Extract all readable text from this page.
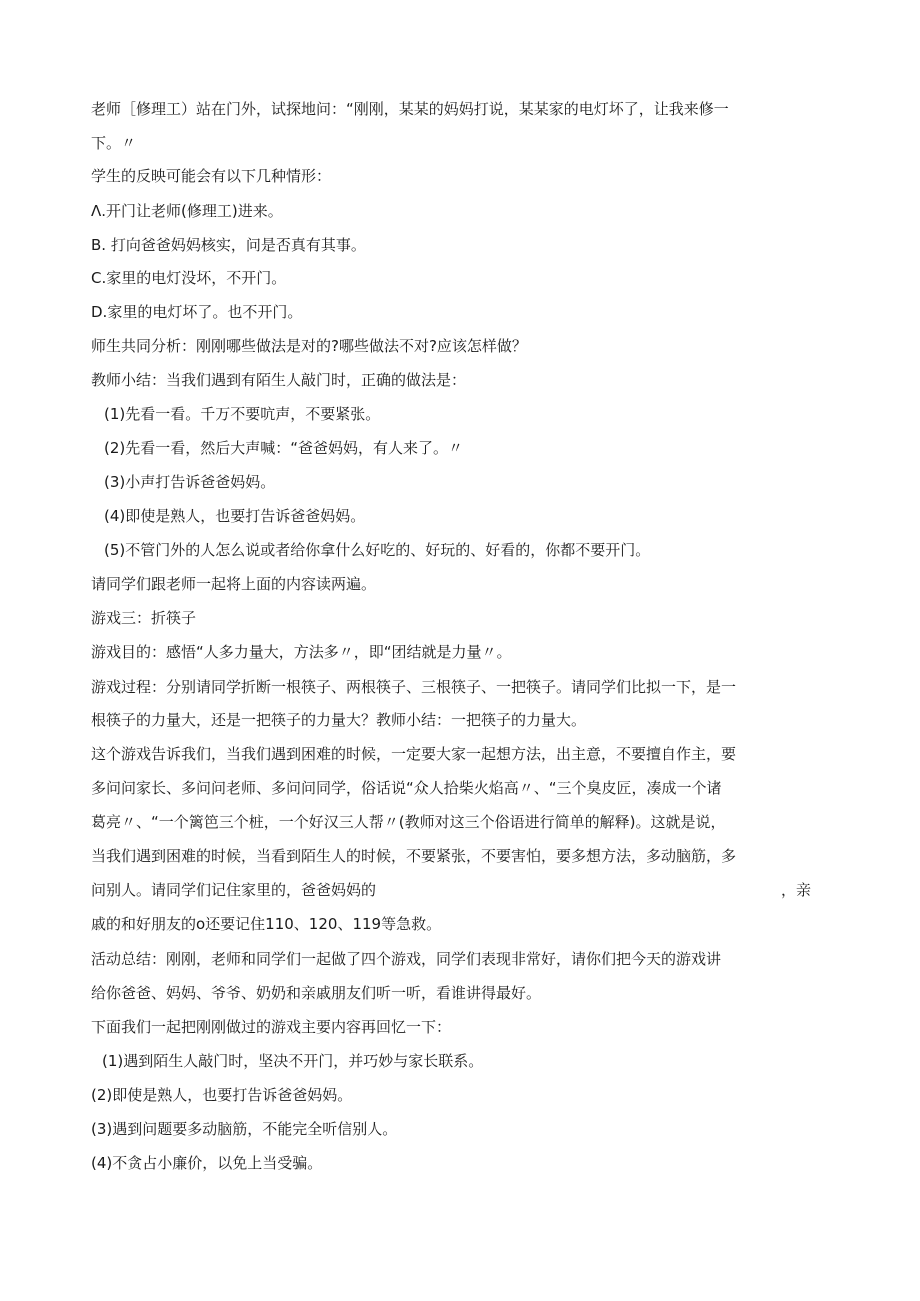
老师［修理工）站在门外，试探地问：“刚刚，某某的妈妈打说，某某家的电灯坏了，让我来修一
下。〃
学生的反映可能会有以下几种情形：
Λ.开门让老师(修理工)进来。
B. 打向爸爸妈妈核实，问是否真有其事。
C.家里的电灯没坏，不开门。
D.家里的电灯坏了。也不开门。
师生共同分析：刚刚哪些做法是对的?哪些做法不对?应该怎样做？
教师小结：当我们遇到有陌生人敲门时，正确的做法是：
(1)先看一看。千万不要吭声，不要紧张。
(2)先看一看，然后大声喊：“爸爸妈妈，有人来了。〃
(3)小声打告诉爸爸妈妈。
(4)即使是熟人，也要打告诉爸爸妈妈。
(5)不管门外的人怎么说或者给你拿什么好吃的、好玩的、好看的，你都不要开门。
请同学们跟老师一起将上面的内容读两遍。
游戏三：折筷子
游戏目的：感悟“人多力量大，方法多〃，即“团结就是力量〃。
游戏过程：分别请同学折断一根筷子、两根筷子、三根筷子、一把筷子。请同学们比拟一下，是一
根筷子的力量大，还是一把筷子的力量大？教师小结：一把筷子的力量大。
这个游戏告诉我们，当我们遇到困难的时候，一定要大家一起想方法，出主意，不要擅自作主，要
多问问家长、多问问老师、多问问同学，俗话说“众人拾柴火焰高〃、“三个臭皮匠，凑成一个诸
葛亮〃、“一个篱笆三个桩，一个好汉三人帮〃(教师对这三个俗语进行简单的解释)。这就是说，
当我们遇到困难的时候，当看到陌生人的时候，不要紧张，不要害怕，要多想方法，多动脑筋，多
问别人。请同学们记住家里的，爸爸妈妈的	，亲
戚的和好朋友的o还要记住110、120、119等急救。
活动总结：刚刚，老师和同学们一起做了四个游戏，同学们表现非常好，请你们把今天的游戏讲
给你爸爸、妈妈、爷爷、奶奶和亲戚朋友们听一听，看谁讲得最好。
下面我们一起把刚刚做过的游戏主要内容再回忆一下：
(1)遇到陌生人敲门时，坚决不开门，并巧妙与家长联系。
(2)即使是熟人，也要打告诉爸爸妈妈。
(3)遇到问题要多动脑筋，不能完全听信别人。
(4)不贪占小廉价，以免上当受骗。
